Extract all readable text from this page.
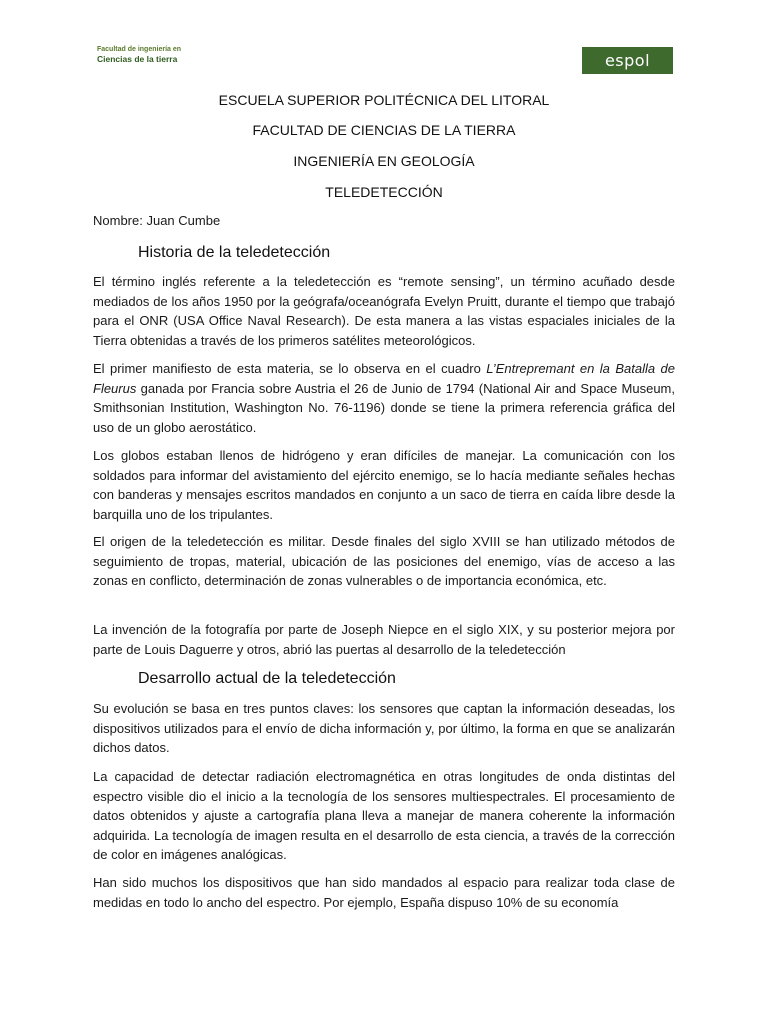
Facultad de ingeniería en
Ciencias de la tierra	espol
ESCUELA SUPERIOR POLITÉCNICA DEL LITORAL
FACULTAD DE CIENCIAS DE LA TIERRA
INGENIERÍA EN GEOLOGÍA
TELEDETECCIÓN
Nombre: Juan Cumbe
Historia de la teledetección
El término inglés referente a la teledetección es “remote sensing”, un término acuñado desde mediados de los años 1950 por la geógrafa/oceanógrafa Evelyn Pruitt, durante el tiempo que trabajó para el ONR (USA Office Naval Research). De esta manera a las vistas espaciales iniciales de la Tierra obtenidas a través de los primeros satélites meteorológicos.
El primer manifiesto de esta materia, se lo observa en el cuadro L’Entrepremant en la Batalla de Fleurus ganada por Francia sobre Austria el 26 de Junio de 1794 (National Air and Space Museum, Smithsonian Institution, Washington No. 76-1196) donde se tiene la primera referencia gráfica del uso de un globo aerostático.
Los globos estaban llenos de hidrógeno y eran difíciles de manejar. La comunicación con los soldados para informar del avistamiento del ejército enemigo, se lo hacía mediante señales hechas con banderas y mensajes escritos mandados en conjunto a un saco de tierra en caída libre desde la barquilla uno de los tripulantes.
El origen de la teledetección es militar. Desde finales del siglo XVIII se han utilizado métodos de seguimiento de tropas, material, ubicación de las posiciones del enemigo, vías de acceso a las zonas en conflicto, determinación de zonas vulnerables o de importancia económica, etc.
La invención de la fotografía por parte de Joseph Niepce en el siglo XIX, y su posterior mejora por parte de Louis Daguerre y otros, abrió las puertas al desarrollo de la teledetección
Desarrollo actual de la teledetección
Su evolución se basa en tres puntos claves: los sensores que captan la información deseadas, los dispositivos utilizados para el envío de dicha información y, por último, la forma en que se analizarán dichos datos.
La capacidad de detectar radiación electromagnética en otras longitudes de onda distintas del espectro visible dio el inicio a la tecnología de los sensores multiespectrales. El procesamiento de datos obtenidos y ajuste a cartografía plana lleva a manejar de manera coherente la información adquirida. La tecnología de imagen resulta en el desarrollo de esta ciencia, a través de la corrección de color en imágenes analógicas.
Han sido muchos los dispositivos que han sido mandados al espacio para realizar toda clase de medidas en todo lo ancho del espectro. Por ejemplo, España dispuso 10% de su economía
